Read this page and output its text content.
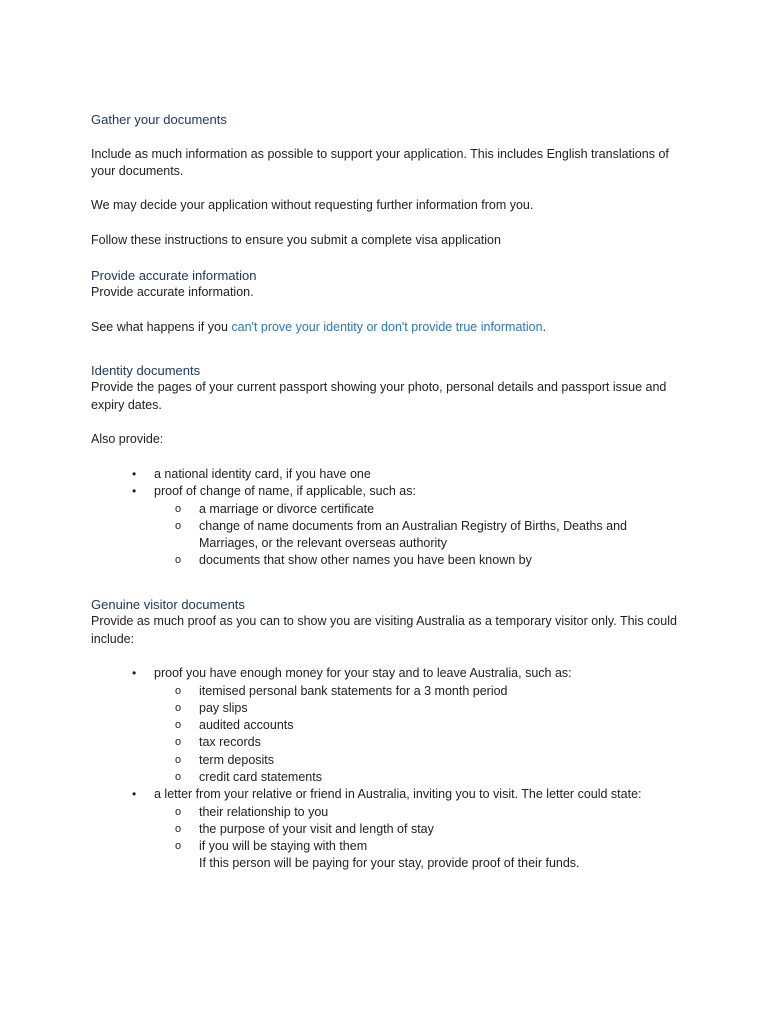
Gather your documents

Include as much information as possible to support your application. This includes English translations of your documents.

We may decide your application without requesting further information from you.

Follow these instructions to ensure you submit a complete visa application

Provide accurate information

Provide accurate information.

See what happens if you can't prove your identity or don't provide true information.

Identity documents

Provide the pages of your current passport showing your photo, personal details and passport issue and expiry dates.

Also provide:

• a national identity card, if you have one
• proof of change of name, if applicable, such as:
o a marriage or divorce certificate
o change of name documents from an Australian Registry of Births, Deaths and Marriages, or the relevant overseas authority
o documents that show other names you have been known by

Genuine visitor documents

Provide as much proof as you can to show you are visiting Australia as a temporary visitor only. This could include:

• proof you have enough money for your stay and to leave Australia, such as:
o itemised personal bank statements for a 3 month period
o pay slips
o audited accounts
o tax records
o term deposits
o credit card statements
• a letter from your relative or friend in Australia, inviting you to visit. The letter could state:
o their relationship to you
o the purpose of your visit and length of stay
o if you will be staying with them

If this person will be paying for your stay, provide proof of their funds.
